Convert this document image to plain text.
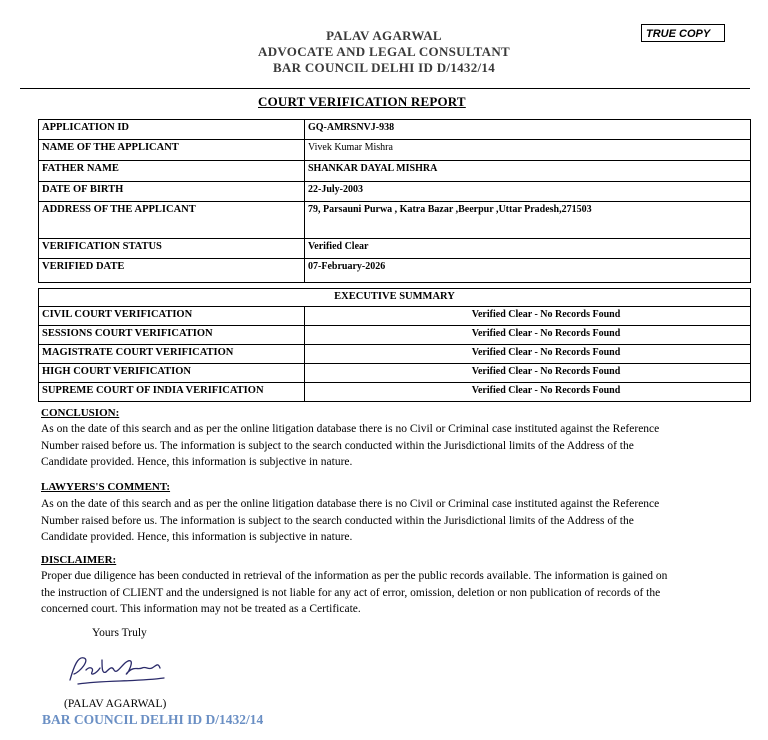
PALAV AGARWAL
ADVOCATE AND LEGAL CONSULTANT
BAR COUNCIL DELHI ID D/1432/14
TRUE COPY
COURT VERIFICATION REPORT
APPLICATION ID	GQ-AMRSNVJ-938
NAME OF THE APPLICANT	Vivek Kumar Mishra
FATHER NAME	SHANKAR DAYAL MISHRA
DATE OF BIRTH	22-July-2003
ADDRESS OF THE APPLICANT	79, Parsauni Purwa , Katra Bazar ,Beerpur ,Uttar Pradesh,271503
VERIFICATION STATUS	Verified Clear
VERIFIED DATE	07-February-2026
EXECUTIVE SUMMARY	
CIVIL COURT VERIFICATION	Verified Clear - No Records Found
SESSIONS COURT VERIFICATION	Verified Clear - No Records Found
MAGISTRATE COURT VERIFICATION	Verified Clear - No Records Found
HIGH COURT VERIFICATION	Verified Clear - No Records Found
SUPREME COURT OF INDIA VERIFICATION	Verified Clear - No Records Found
CONCLUSION:
As on the date of this search and as per the online litigation database there is no Civil or Criminal case instituted against the Reference
Number raised before us. The information is subject to the search conducted within the Jurisdictional limits of the Address of the
Candidate provided. Hence, this information is subjective in nature.
LAWYERS'S COMMENT:
As on the date of this search and as per the online litigation database there is no Civil or Criminal case instituted against the Reference
Number raised before us. The information is subject to the search conducted within the Jurisdictional limits of the Address of the
Candidate provided. Hence, this information is subjective in nature.
DISCLAIMER:
Proper due diligence has been conducted in retrieval of the information as per the public records available. The information is gained on
the instruction of CLIENT and the undersigned is not liable for any act of error, omission, deletion or non publication of records of the
concerned court. This information may not be treated as a Certificate.
Yours Truly
(PALAV AGARWAL)
BAR COUNCIL DELHI ID D/1432/14
